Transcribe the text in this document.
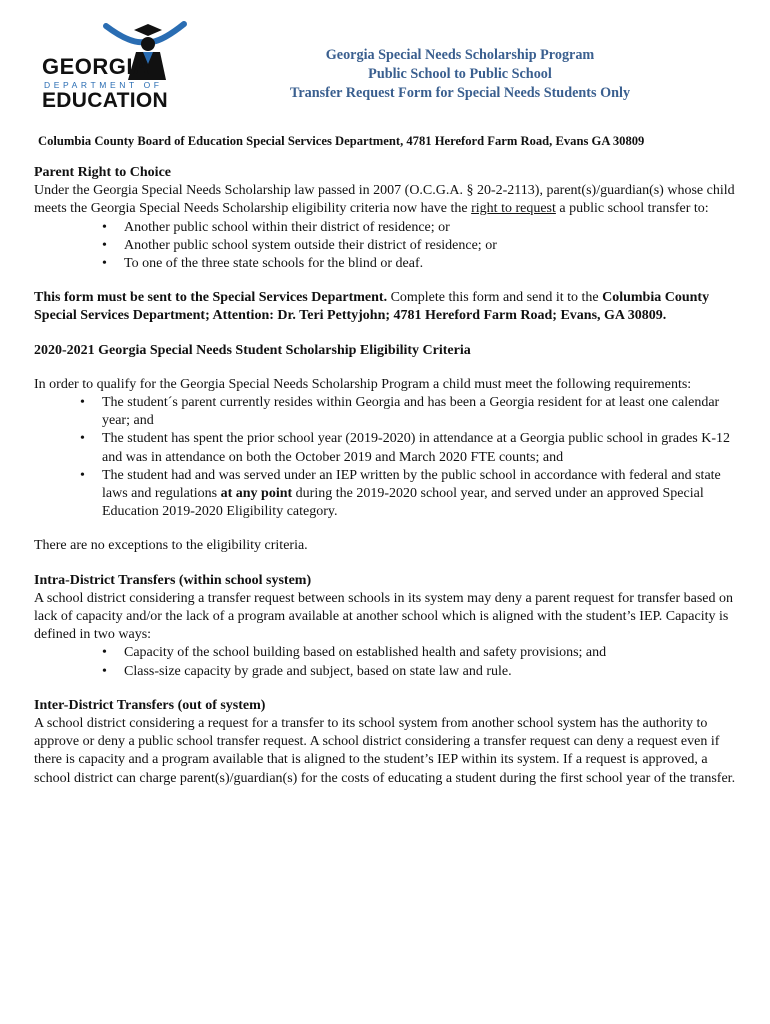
GEORGIA
DEPARTMENT OF
EDUCATION
Georgia Special Needs Scholarship Program
Public School to Public School
Transfer Request Form for Special Needs Students Only
Columbia County Board of Education Special Services Department, 4781 Hereford Farm Road, Evans GA 30809

Parent Right to Choice

Under the Georgia Special Needs Scholarship law passed in 2007 (O.C.G.A. § 20-2-2113), parent(s)/guardian(s) whose child meets the Georgia Special Needs Scholarship eligibility criteria now have the right to request a public school transfer to:

• Another public school within their district of residence; or
• Another public school system outside their district of residence; or
• To one of the three state schools for the blind or deaf.

This form must be sent to the Special Services Department. Complete this form and send it to the Columbia County Special Services Department; Attention: Dr. Teri Pettyjohn; 4781 Hereford Farm Road; Evans, GA 30809.

2020-2021 Georgia Special Needs Student Scholarship Eligibility Criteria

In order to qualify for the Georgia Special Needs Scholarship Program a child must meet the following requirements:

• The student´s parent currently resides within Georgia and has been a Georgia resident for at least one calendar year; and
• The student has spent the prior school year (2019-2020) in attendance at a Georgia public school in grades K-12 and was in attendance on both the October 2019 and March 2020 FTE counts; and
• The student had and was served under an IEP written by the public school in accordance with federal and state laws and regulations at any point during the 2019-2020 school year, and served under an approved Special Education 2019-2020 Eligibility category.

There are no exceptions to the eligibility criteria.

Intra-District Transfers (within school system)

A school district considering a transfer request between schools in its system may deny a parent request for transfer based on lack of capacity and/or the lack of a program available at another school which is aligned with the student’s IEP. Capacity is defined in two ways:

• Capacity of the school building based on established health and safety provisions; and
• Class-size capacity by grade and subject, based on state law and rule.

Inter-District Transfers (out of system)

A school district considering a request for a transfer to its school system from another school system has the authority to approve or deny a public school transfer request. A school district considering a transfer request can deny a request even if there is capacity and a program available that is aligned to the student’s IEP within its system. If a request is approved, a school district can charge parent(s)/guardian(s) for the costs of educating a student during the first school year of the transfer.
